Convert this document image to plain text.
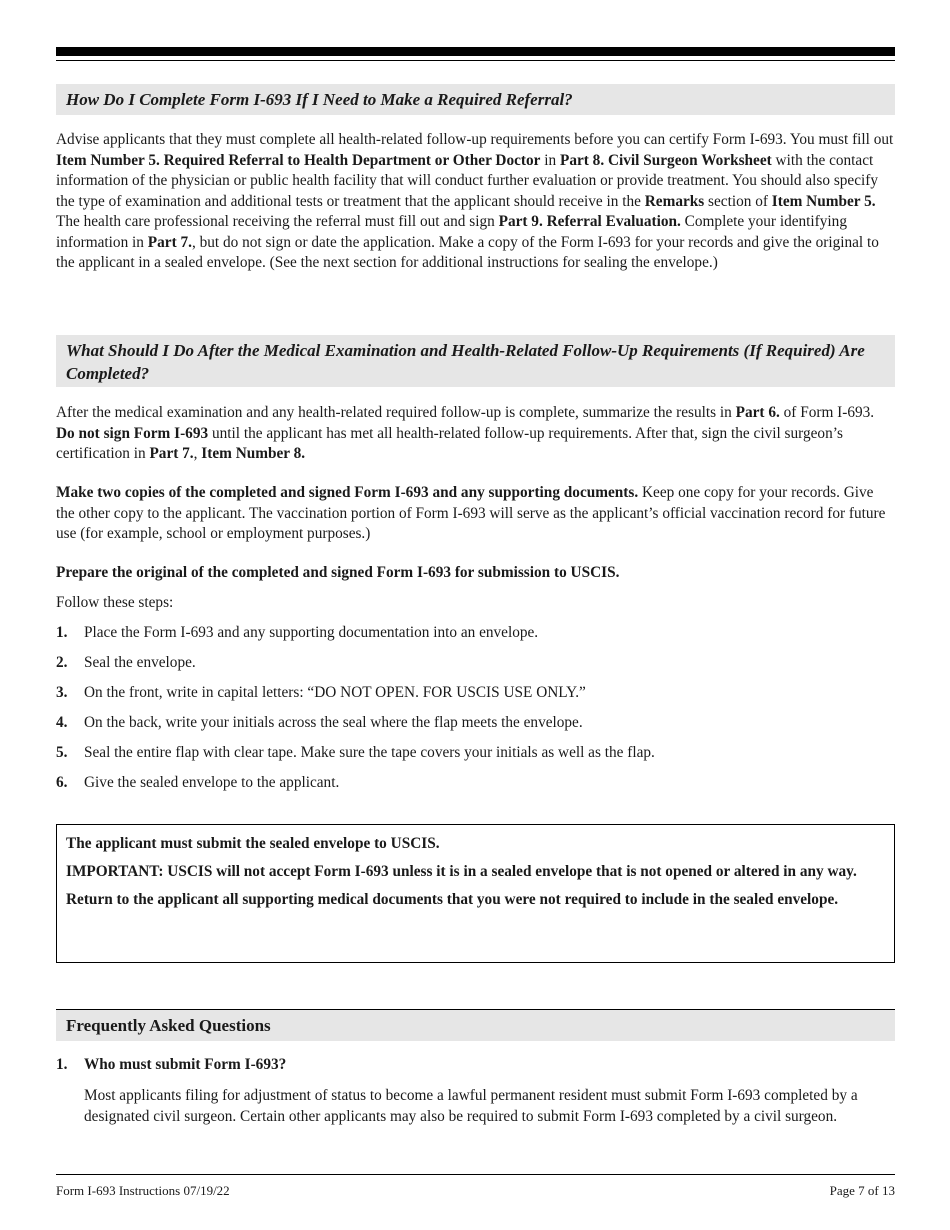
How Do I Complete Form I-693 If I Need to Make a Required Referral?

Advise applicants that they must complete all health-related follow-up requirements before you can certify Form I-693. You must fill out Item Number 5. Required Referral to Health Department or Other Doctor in Part 8. Civil Surgeon Worksheet with the contact information of the physician or public health facility that will conduct further evaluation or provide treatment. You should also specify the type of examination and additional tests or treatment that the applicant should receive in the Remarks section of Item Number 5. The health care professional receiving the referral must fill out and sign Part 9. Referral Evaluation. Complete your identifying information in Part 7., but do not sign or date the application. Make a copy of the Form I-693 for your records and give the original to the applicant in a sealed envelope. (See the next section for additional instructions for sealing the envelope.)

What Should I Do After the Medical Examination and Health-Related Follow-Up Requirements (If Required) Are Completed?

After the medical examination and any health-related required follow-up is complete, summarize the results in Part 6. of Form I-693. Do not sign Form I-693 until the applicant has met all health-related follow-up requirements. After that, sign the civil surgeon’s certification in Part 7., Item Number 8.

Make two copies of the completed and signed Form I-693 and any supporting documents. Keep one copy for your records. Give the other copy to the applicant. The vaccination portion of Form I-693 will serve as the applicant’s official vaccination record for future use (for example, school or employment purposes.)

Prepare the original of the completed and signed Form I-693 for submission to USCIS.

Follow these steps:

1. Place the Form I-693 and any supporting documentation into an envelope.
2. Seal the envelope.
3. On the front, write in capital letters: “DO NOT OPEN. FOR USCIS USE ONLY.”
4. On the back, write your initials across the seal where the flap meets the envelope.
5. Seal the entire flap with clear tape. Make sure the tape covers your initials as well as the flap.
6. Give the sealed envelope to the applicant.

The applicant must submit the sealed envelope to USCIS.

IMPORTANT: USCIS will not accept Form I-693 unless it is in a sealed envelope that is not opened or altered in any way.

Return to the applicant all supporting medical documents that you were not required to include in the sealed envelope.

Frequently Asked Questions
1. Who must submit Form I-693?

Most applicants filing for adjustment of status to become a lawful permanent resident must submit Form I-693 completed by a designated civil surgeon. Certain other applicants may also be required to submit Form I-693 completed by a civil surgeon.

Form I-693 Instructions 07/19/22	Page 7 of 13
